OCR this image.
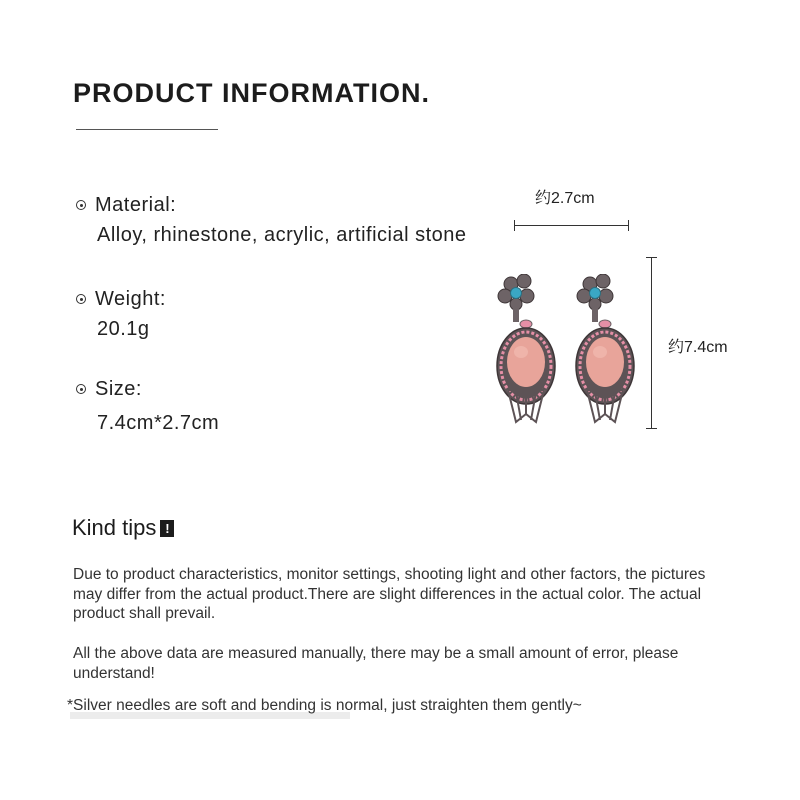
PRODUCT INFORMATION.
Material:
Alloy, rhinestone, acrylic, artificial stone
Weight:
20.1g
Size:
7.4cm*2.7cm
约2.7cm
约7.4cm
Kind tips !
Due to product characteristics, monitor settings, shooting light and other factors, the pictures may differ from the actual product.There are slight differences in the actual color. The actual product shall prevail.
All the above data are measured manually, there may be a small amount of error, please understand!
*Silver needles are soft and bending is normal, just straighten them gently~
